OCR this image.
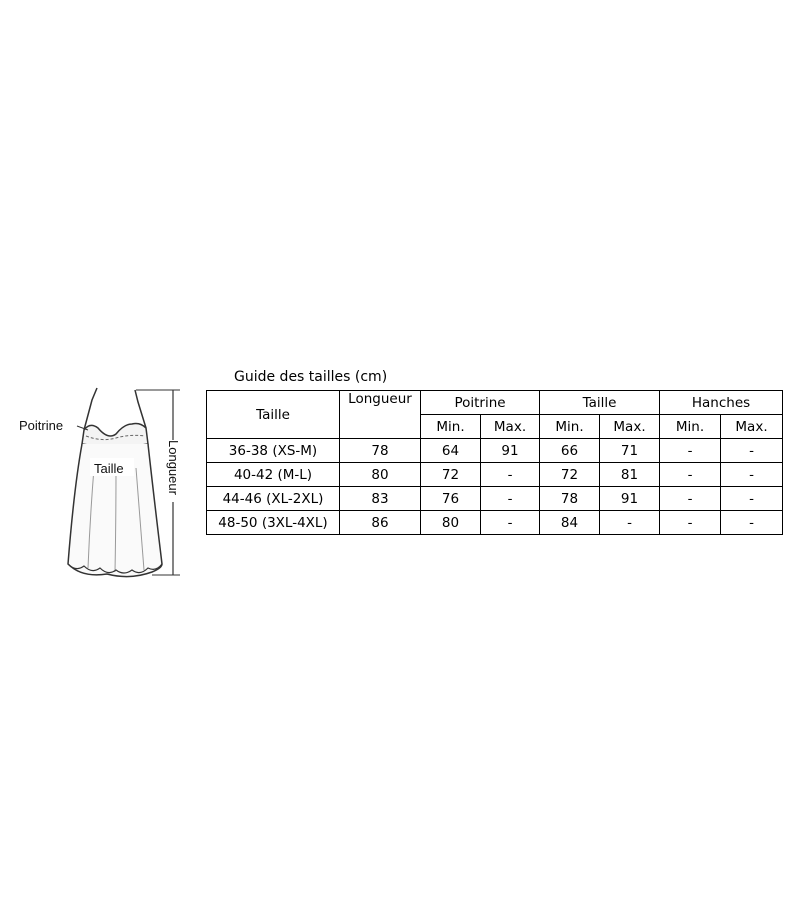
Poitrine
Taille	Longueur
Guide des tailles (cm)
Taille	Longueur	Poitrine		Taille		Hanches	
		Min.	Max.	Min.	Max.	Min.	Max.
36-38 (XS-M)	78	64	91	66	71	-	-
40-42 (M-L)	80	72	-	72	81	-	-
44-46 (XL-2XL)	83	76	-	78	91	-	-
48-50 (3XL-4XL)	86	80	-	84	-	-	-
